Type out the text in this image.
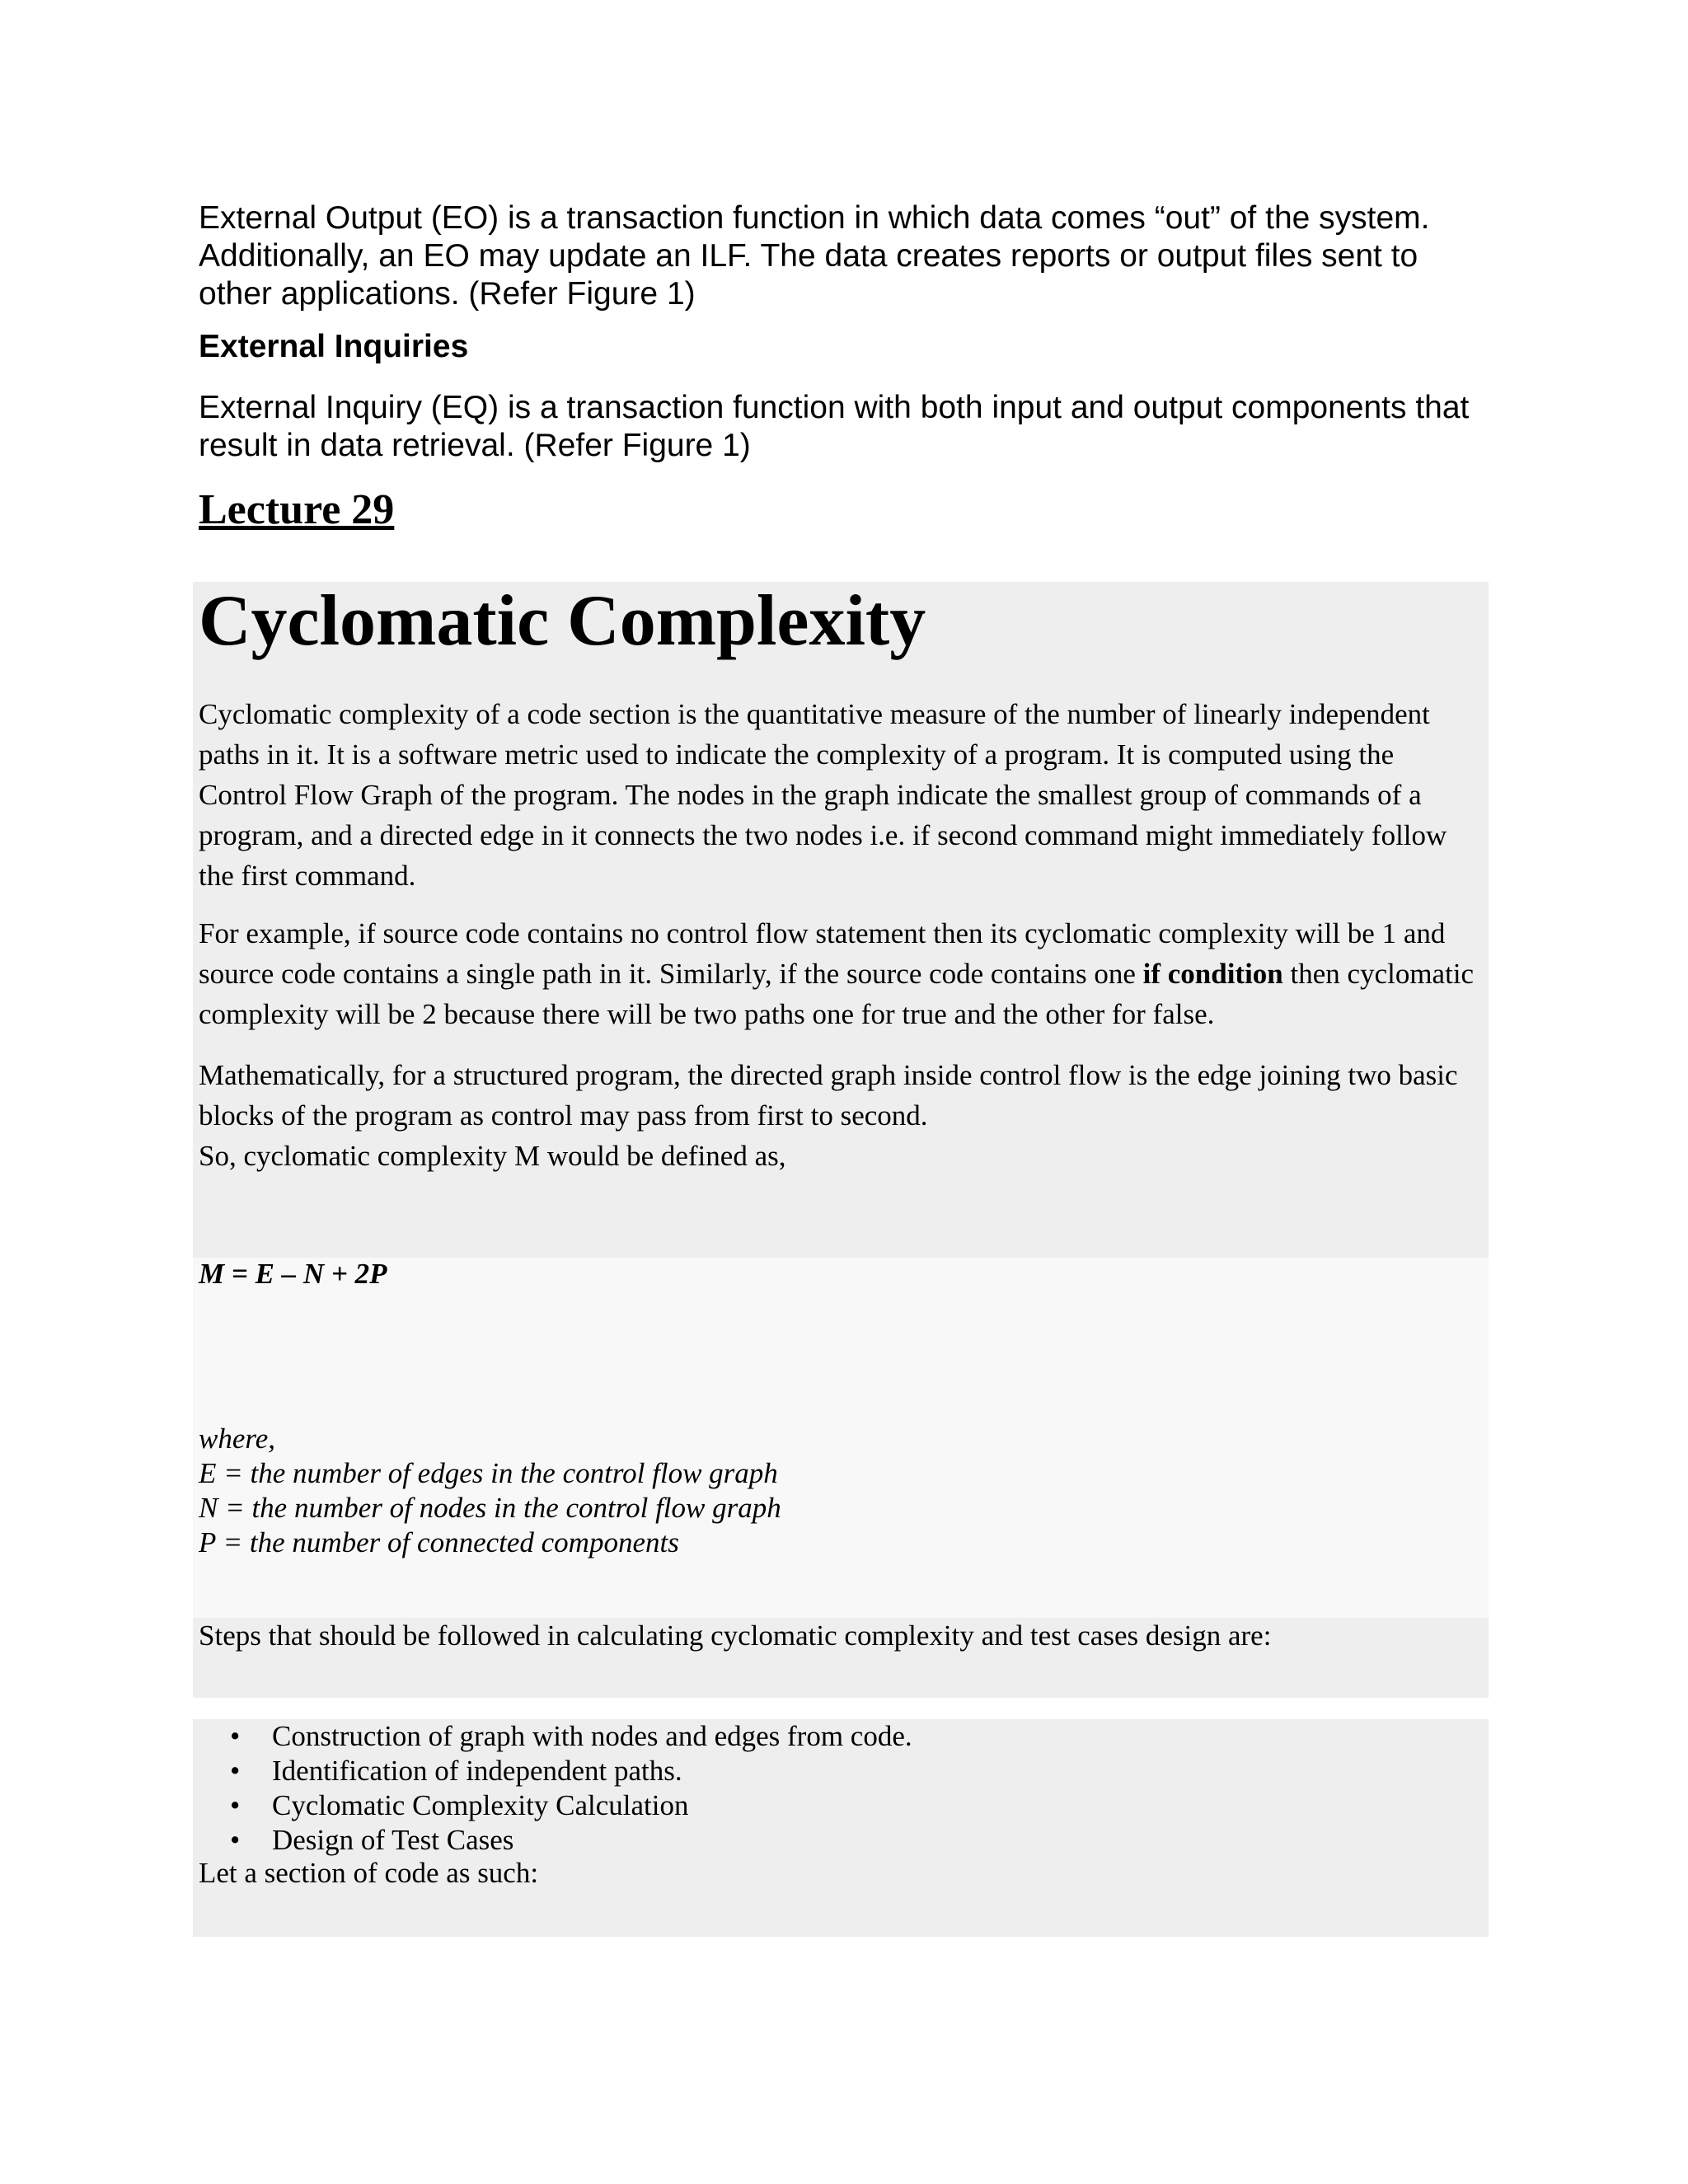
External Output (EO) is a transaction function in which data comes “out” of the system. Additionally, an EO may update an ILF. The data creates reports or output files sent to other applications. (Refer Figure 1)

External Inquiries

External Inquiry (EQ) is a transaction function with both input and output components that result in data retrieval. (Refer Figure 1)

Lecture 29
Cyclomatic Complexity

Cyclomatic complexity of a code section is the quantitative measure of the number of linearly independent paths in it. It is a software metric used to indicate the complexity of a program. It is computed using the Control Flow Graph of the program. The nodes in the graph indicate the smallest group of commands of a program, and a directed edge in it connects the two nodes i.e. if second command might immediately follow the first command.

For example, if source code contains no control flow statement then its cyclomatic complexity will be 1 and source code contains a single path in it. Similarly, if the source code contains one if condition then cyclomatic complexity will be 2 because there will be two paths one for true and the other for false.

Mathematically, for a structured program, the directed graph inside control flow is the edge joining two basic blocks of the program as control may pass from first to second.
So, cyclomatic complexity M would be defined as,

M = E – N + 2P
where,
E = the number of edges in the control flow graph
N = the number of nodes in the control flow graph
P = the number of connected components
Steps that should be followed in calculating cyclomatic complexity and test cases design are:
• Construction of graph with nodes and edges from code.
• Identification of independent paths.
• Cyclomatic Complexity Calculation
• Design of Test Cases
Let a section of code as such:
